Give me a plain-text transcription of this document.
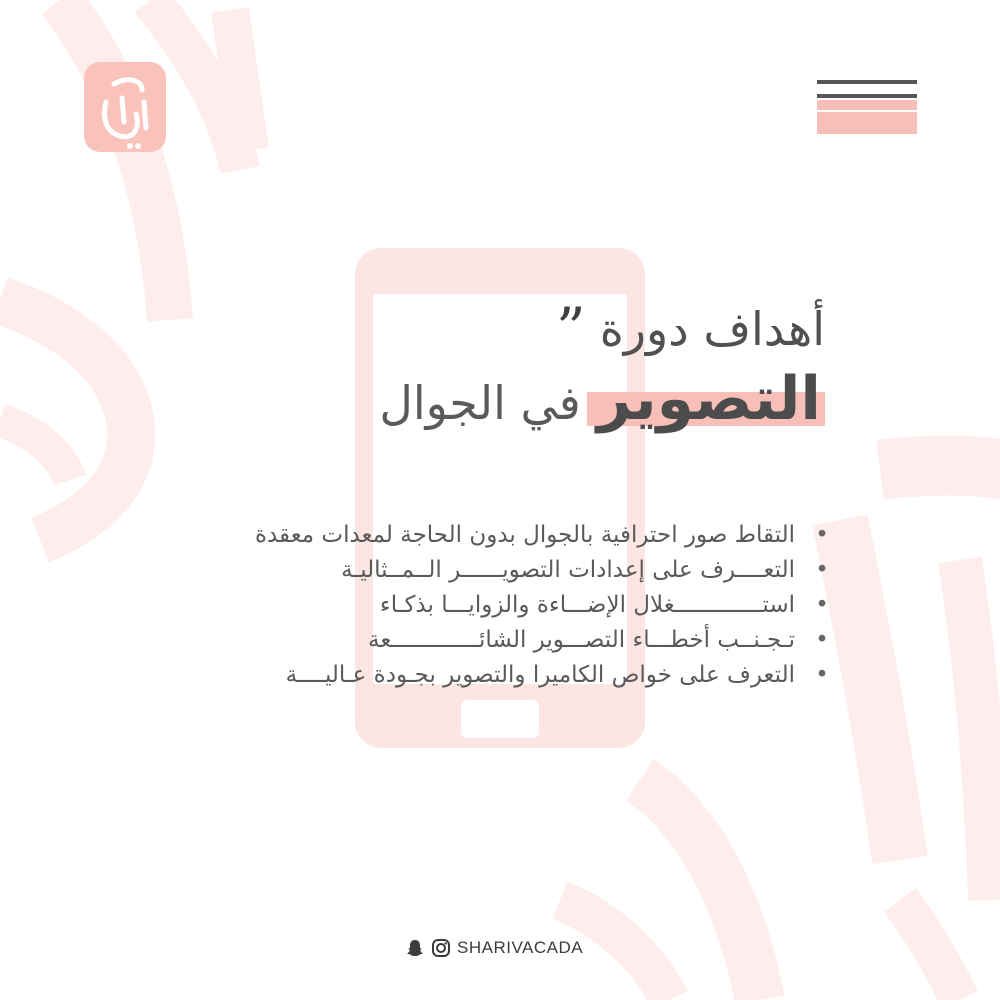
أهداف دورة
”
التصوير
في الجوال
•
التقاط صور احترافية بالجوال بدون الحاجة لمعدات معقدة
•
التعــــرف على إعدادات التصويــــــر الــمــثاليـة
•
استـــــــــــــغلال الإضـــاءة والزوايـــا بذكـاء
•
تـجـنــب أخطـــاء التصـــوير الشائـــــــــــــعة
•
التعرف على خواص الكاميرا والتصوير بجـودة عـاليــــة
SHARIVACADA
